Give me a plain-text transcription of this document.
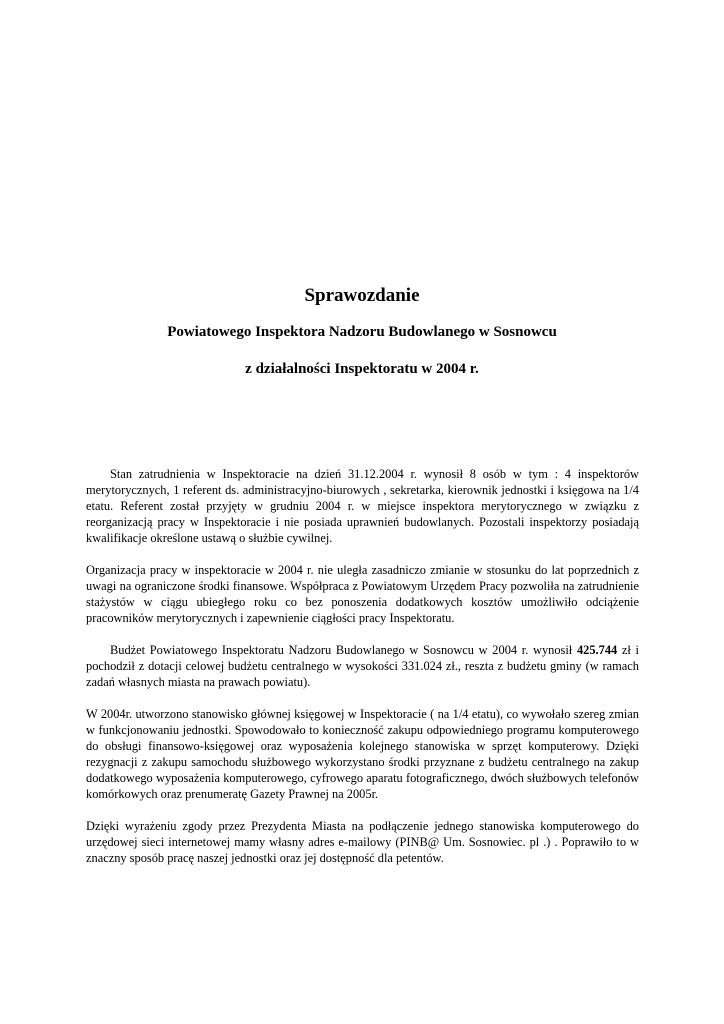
Sprawozdanie
Powiatowego Inspektora Nadzoru Budowlanego w Sosnowcu
z działalności Inspektoratu w 2004 r.

Stan zatrudnienia w Inspektoracie na dzień 31.12.2004 r. wynosił 8 osób w tym : 4 inspektorów merytorycznych, 1 referent ds. administracyjno-biurowych , sekretarka, kierownik jednostki i księgowa na 1/4 etatu. Referent został przyjęty w grudniu 2004 r. w miejsce inspektora merytorycznego w związku z reorganizacją pracy w Inspektoracie i nie posiada uprawnień budowlanych. Pozostali inspektorzy posiadają kwalifikacje określone ustawą o służbie cywilnej.

Organizacja pracy w inspektoracie w 2004 r. nie uległa zasadniczo zmianie w stosunku do lat poprzednich z uwagi na ograniczone środki finansowe. Współpraca z Powiatowym Urzędem Pracy pozwoliła na zatrudnienie stażystów w ciągu ubiegłego roku co bez ponoszenia dodatkowych kosztów umożliwiło odciążenie pracowników merytorycznych i zapewnienie ciągłości pracy Inspektoratu.

Budżet Powiatowego Inspektoratu Nadzoru Budowlanego w Sosnowcu w 2004 r. wynosił 425.744 zł i pochodził z dotacji celowej budżetu centralnego w wysokości 331.024 zł., reszta z budżetu gminy (w ramach zadań własnych miasta na prawach powiatu).

W 2004r. utworzono stanowisko głównej księgowej w Inspektoracie ( na 1/4 etatu), co wywołało szereg zmian w funkcjonowaniu jednostki. Spowodowało to konieczność zakupu odpowiedniego programu komputerowego do obsługi finansowo-księgowej oraz wyposażenia kolejnego stanowiska w sprzęt komputerowy. Dzięki rezygnacji z zakupu samochodu służbowego wykorzystano środki przyznane z budżetu centralnego na zakup dodatkowego wyposażenia komputerowego, cyfrowego aparatu fotograficznego, dwóch służbowych telefonów komórkowych oraz prenumeratę Gazety Prawnej na 2005r.

Dzięki wyrażeniu zgody przez Prezydenta Miasta na podłączenie jednego stanowiska komputerowego do urzędowej sieci internetowej mamy własny adres e-mailowy (PINB@ Um. Sosnowiec. pl .) . Poprawiło to w znaczny sposób pracę naszej jednostki oraz jej dostępność dla petentów.
